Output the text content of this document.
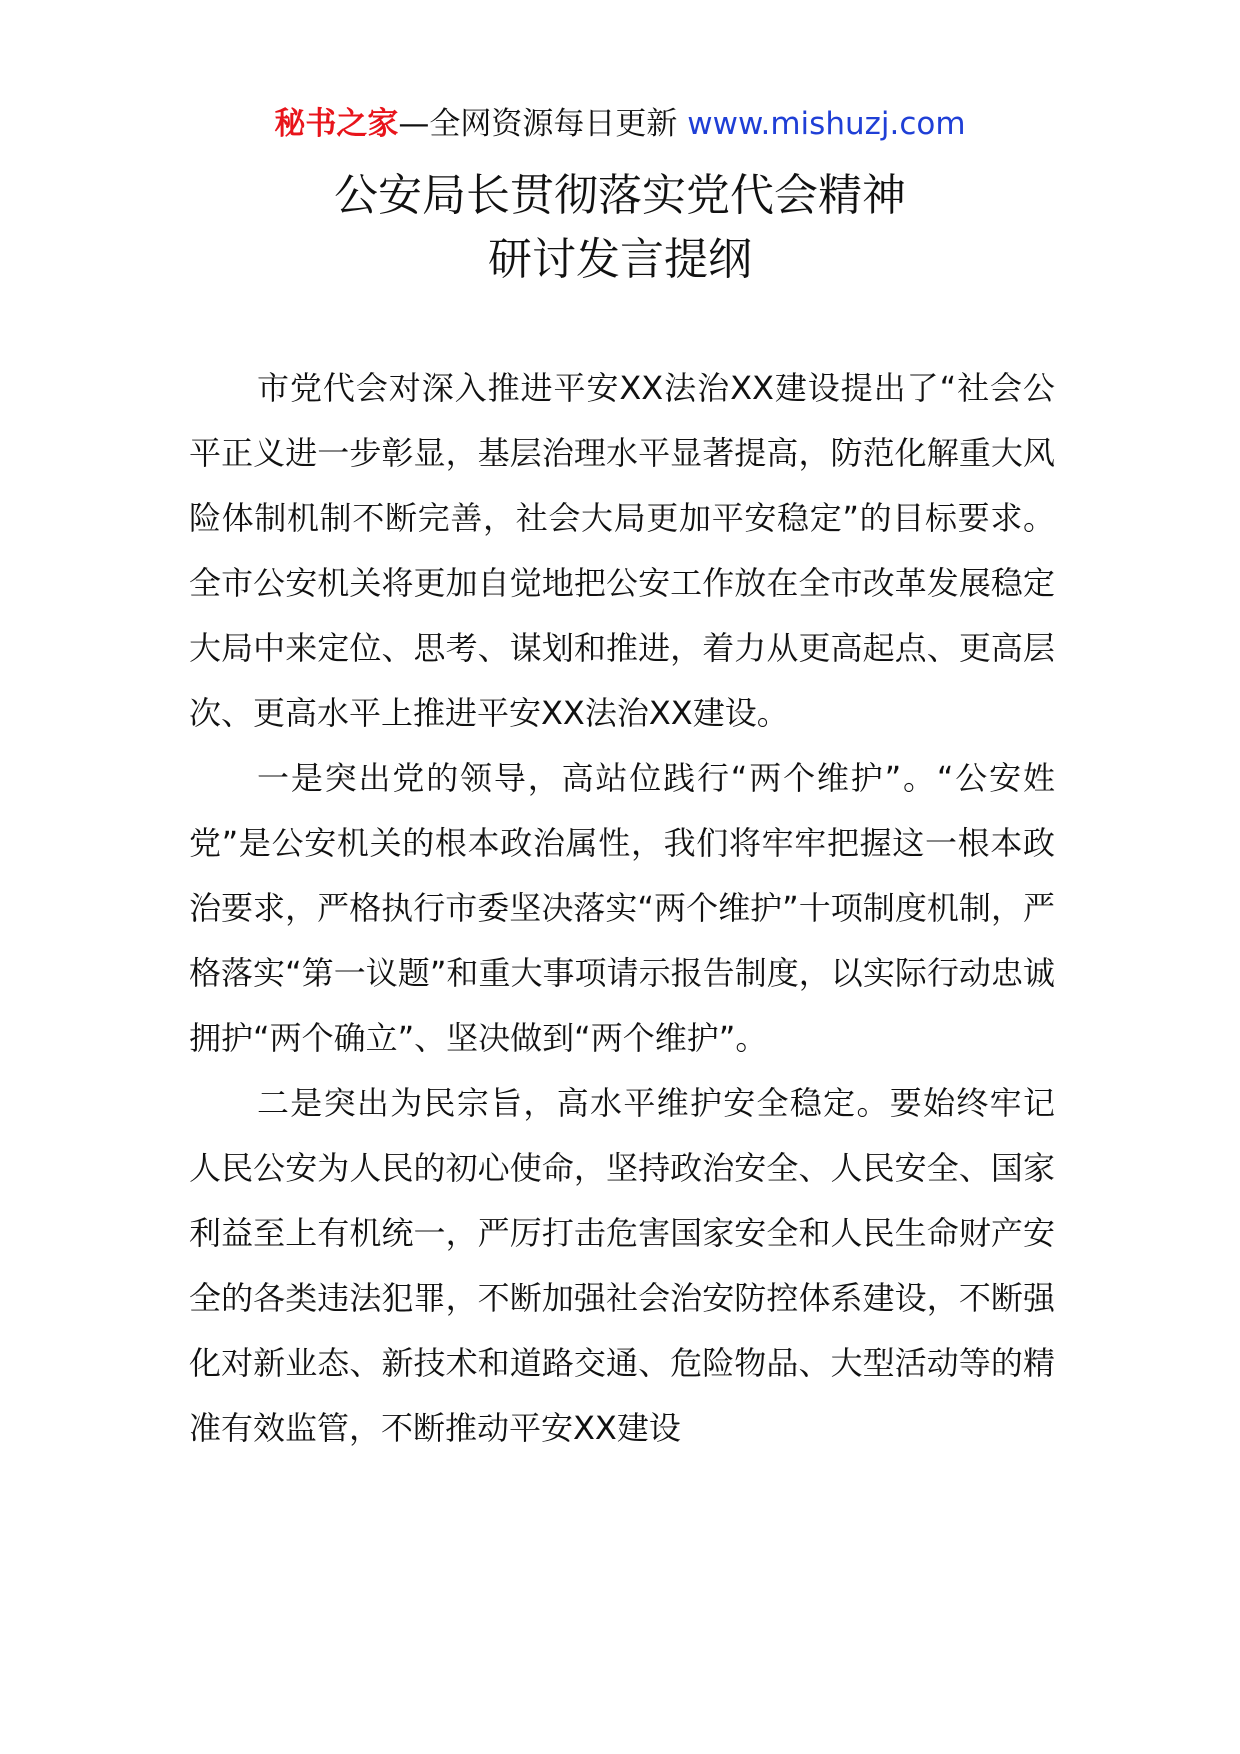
秘书之家—全网资源每日更新 www.mishuzj.com
公安局长贯彻落实党代会精神
研讨发言提纲

市党代会对深入推进平安XX法治XX建设提出了“社会公平正义进一步彰显，基层治理水平显著提高，防范化解重大风险体制机制不断完善，社会大局更加平安稳定”的目标要求。全市公安机关将更加自觉地把公安工作放在全市改革发展稳定大局中来定位、思考、谋划和推进，着力从更高起点、更高层次、更高水平上推进平安XX法治XX建设。

一是突出党的领导，高站位践行“两个维护”。“公安姓党”是公安机关的根本政治属性，我们将牢牢把握这一根本政治要求，严格执行市委坚决落实“两个维护”十项制度机制，严格落实“第一议题”和重大事项请示报告制度，以实际行动忠诚拥护“两个确立”、坚决做到“两个维护”。

二是突出为民宗旨，高水平维护安全稳定。要始终牢记人民公安为人民的初心使命，坚持政治安全、人民安全、国家利益至上有机统一，严厉打击危害国家安全和人民生命财产安全的各类违法犯罪，不断加强社会治安防控体系建设，不断强化对新业态、新技术和道路交通、危险物品、大型活动等的精准有效监管，不断推动平安XX建设
